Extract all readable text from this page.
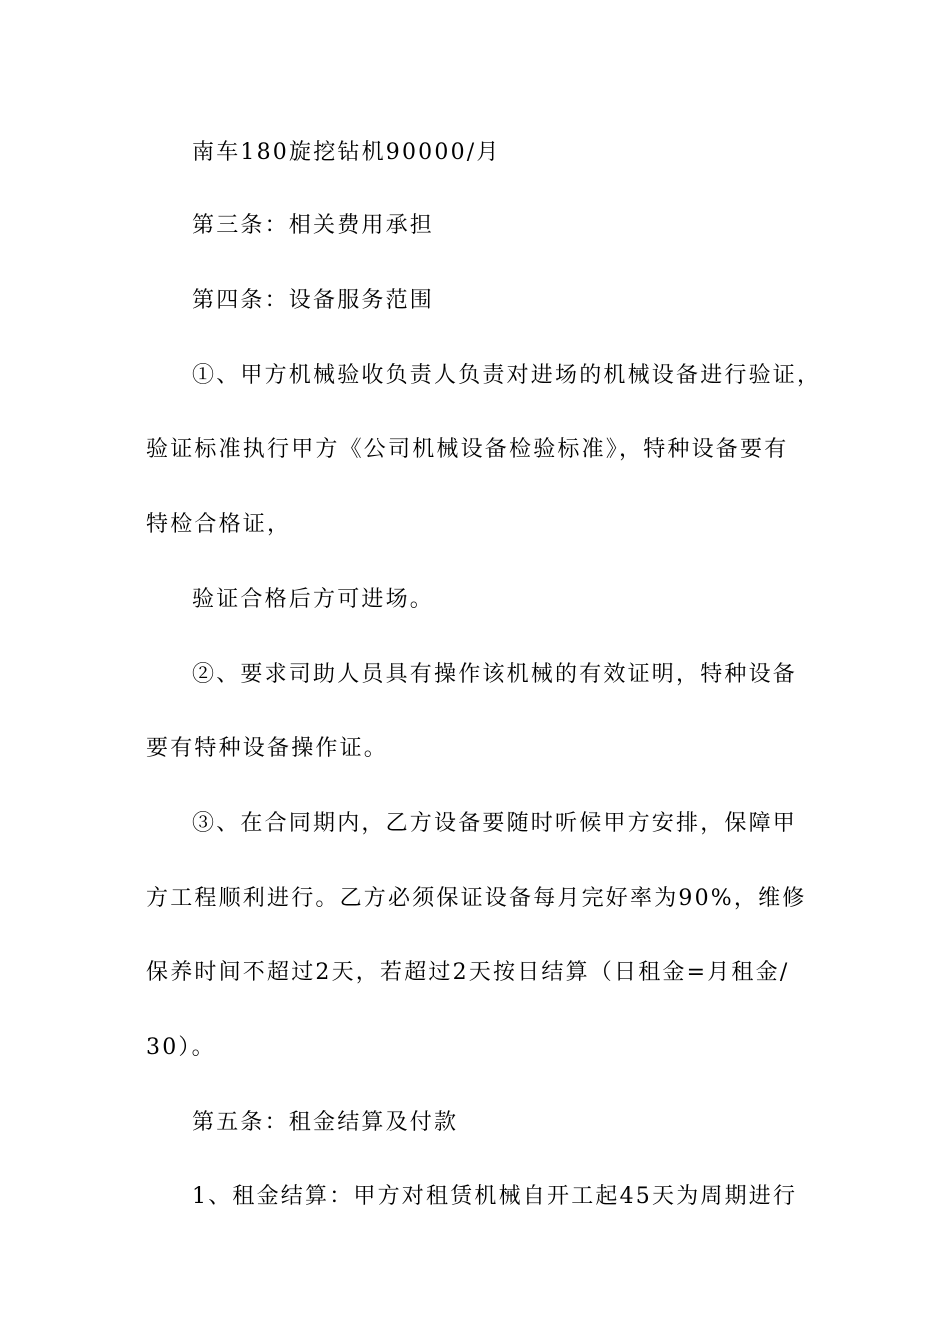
南车180旋挖钻机90000/月
第三条：相关费用承担
第四条：设备服务范围
①、甲方机械验收负责人负责对进场的机械设备进行验证，
验证标准执行甲方《公司机械设备检验标准》，特种设备要有
特检合格证，
验证合格后方可进场。
②、要求司助人员具有操作该机械的有效证明，特种设备
要有特种设备操作证。
③、在合同期内，乙方设备要随时听候甲方安排，保障甲
方工程顺利进行。乙方必须保证设备每月完好率为90%，维修
保养时间不超过2天，若超过2天按日结算（日租金=月租金/
30）。
第五条：租金结算及付款
1、租金结算：甲方对租赁机械自开工起45天为周期进行
